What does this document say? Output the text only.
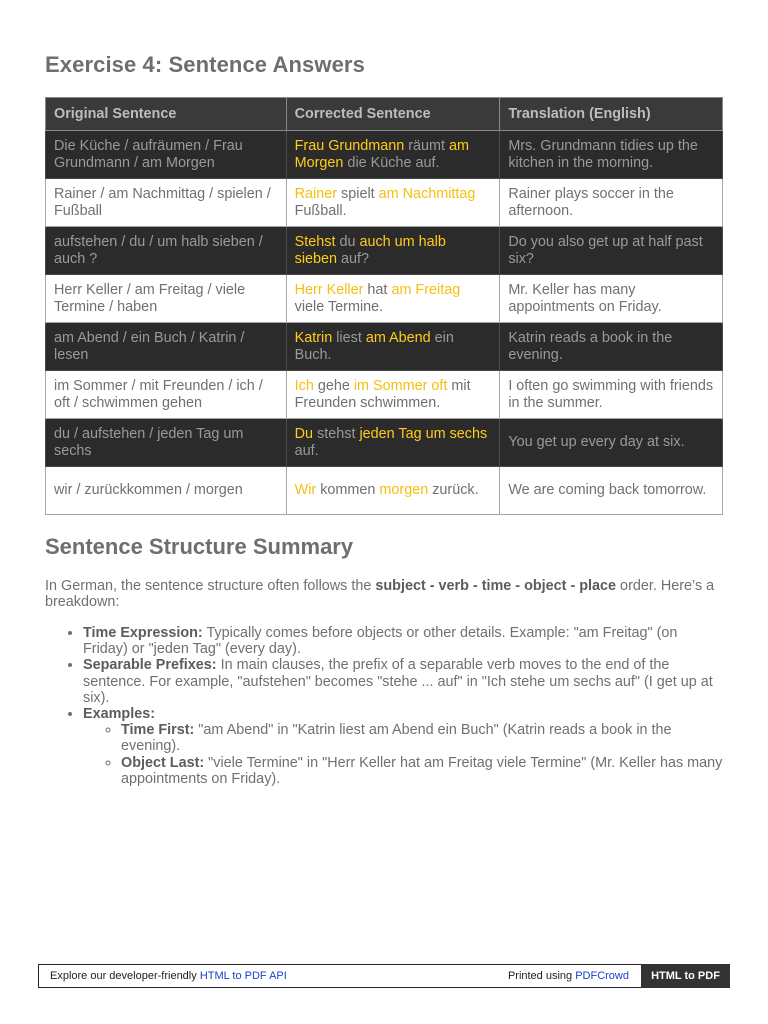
Exercise 4: Sentence Answers
Original Sentence	Corrected Sentence	Translation (English)
Die Küche / aufräumen / Frau Grundmann / am Morgen	Frau Grundmann räumt am Morgen die Küche auf.	Mrs. Grundmann tidies up the kitchen in the morning.
Rainer / am Nachmittag / spielen / Fußball	Rainer spielt am Nachmittag Fußball.	Rainer plays soccer in the afternoon.
aufstehen / du / um halb sieben / auch ?	Stehst du auch um halb sieben auf?	Do you also get up at half past six?
Herr Keller / am Freitag / viele Termine / haben	Herr Keller hat am Freitag viele Termine.	Mr. Keller has many appointments on Friday.
am Abend / ein Buch / Katrin / lesen	Katrin liest am Abend ein Buch.	Katrin reads a book in the evening.
im Sommer / mit Freunden / ich / oft / schwimmen gehen	Ich gehe im Sommer oft mit Freunden schwimmen.	I often go swimming with friends in the summer.
du / aufstehen / jeden Tag um sechs	Du stehst jeden Tag um sechs auf.	You get up every day at six.
wir / zurückkommen / morgen	Wir kommen morgen zurück.	We are coming back tomorrow.
Sentence Structure Summary

In German, the sentence structure often follows the subject - verb - time - object - place order. Here’s a breakdown:

• Time Expression: Typically comes before objects or other details. Example: "am Freitag" (on Friday) or "jeden Tag" (every day).
• Separable Prefixes: In main clauses, the prefix of a separable verb moves to the end of the sentence. For example, "aufstehen" becomes "stehe ... auf" in "Ich stehe um sechs auf" (I get up at six).
• Examples:
◦ Time First: "am Abend" in "Katrin liest am Abend ein Buch" (Katrin reads a book in the evening).
◦ Object Last: "viele Termine" in "Herr Keller hat am Freitag viele Termine" (Mr. Keller has many appointments on Friday).
Explore our developer-friendly HTML to PDF API	Printed using PDFCrowd	HTML to PDF
